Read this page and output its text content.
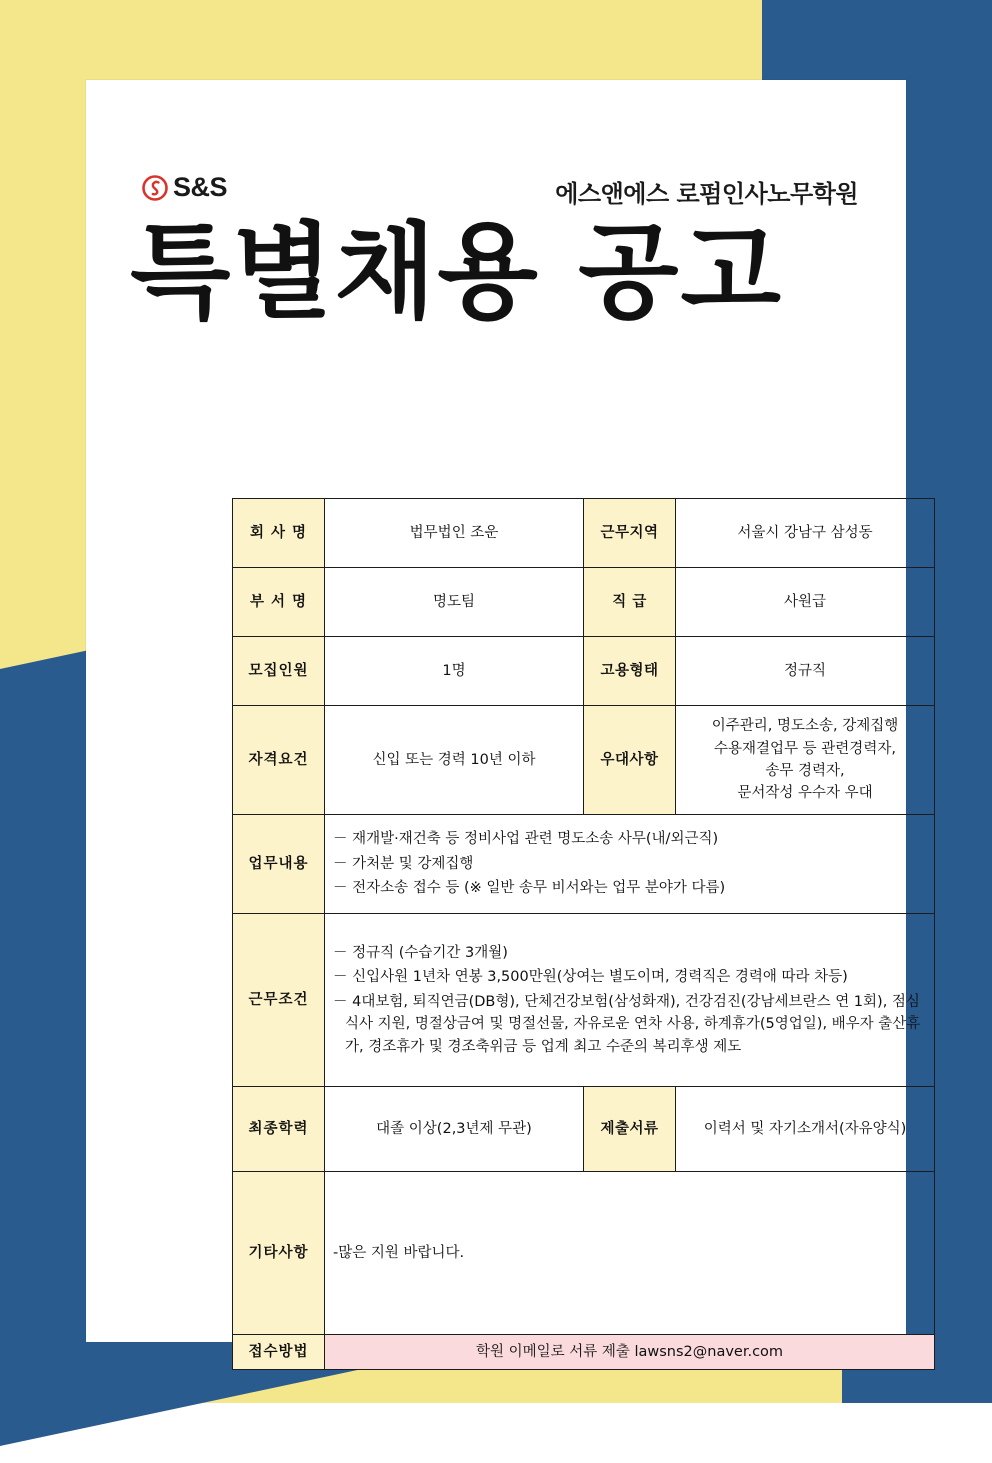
S&S	에스앤에스 로펌인사노무학원
특별채용 공고
회 사 명	법무법인 조운	근무지역	서울시 강남구 삼성동
부 서 명	명도팀	직 급	사원급
모집인원	1명	고용형태	정규직
자격요건	신입 또는 경력 10년 이하	우대사항	이주관리, 명도소송, 강제집행
수용재결업무 등 관련경력자,
송무 경력자,
문서작성 우수자 우대

업무내용	－ 재개발·재건축 등 정비사업 관련 명도소송 사무(내/외근직)
－ 가처분 및 강제집행
－ 전자소송 접수 등 (※ 일반 송무 비서와는 업무 분야가 다름)		

근무조건	－ 정규직 (수습기간 3개월)
－ 신입사원 1년차 연봉 3,500만원(상여는 별도이며, 경력직은 경력애 따라 차등)
－ 4대보험, 퇴직연금(DB형), 단체건강보험(삼성화재), 건강검진(강남세브란스 연 1회), 점심식사 지원, 명절상금여 및 명절선물, 자유로운 연차 사용, 하계휴가(5영업일), 배우자 출산휴가, 경조휴가 및 경조축위금 등 업계 최고 수준의 복리후생 제도		

최종학력	대졸 이상(2,3년제 무관)	제출서류	이력서 및 자기소개서(자유양식)
기타사항	-많은 지원 바랍니다.		
접수방법	학원 이메일로 서류 제출 lawsns2@naver.com		
